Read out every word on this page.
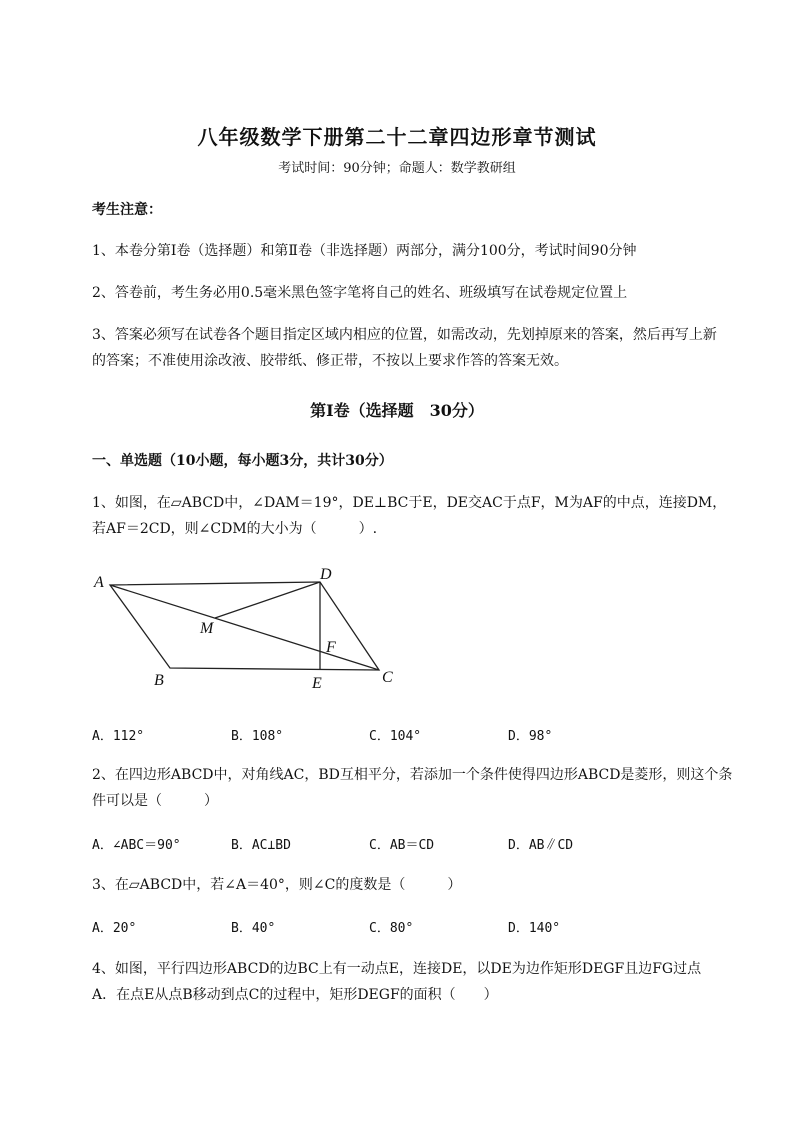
八年级数学下册第二十二章四边形章节测试
考试时间：90分钟；命题人：数学教研组
考生注意：
1、本卷分第I卷（选择题）和第Ⅱ卷（非选择题）两部分，满分100分，考试时间90分钟
2、答卷前，考生务必用0.5毫米黑色签字笔将自己的姓名、班级填写在试卷规定位置上
3、答案必须写在试卷各个题目指定区域内相应的位置，如需改动，先划掉原来的答案，然后再写上新
的答案；不准使用涂改液、胶带纸、修正带，不按以上要求作答的答案无效。
第I卷（选择题　30分）
一、单选题（10小题，每小题3分，共计30分）
1、如图，在▱ABCD中，∠DAM＝19°，DE⊥BC于E，DE交AC于点F，M为AF的中点，连接DM，
若AF＝2CD，则∠CDM的大小为（　　　）.
A	D
M
F
B	E	C
A．112°	B．108°	C．104°	D．98°
2、在四边形ABCD中，对角线AC，BD互相平分，若添加一个条件使得四边形ABCD是菱形，则这个条
件可以是（　　　）
A．∠ABC＝90°	B．AC⊥BD	C．AB＝CD	D．AB∥CD
3、在▱ABCD中，若∠A＝40°，则∠C的度数是（　　　）
A．20°	B．40°	C．80°	D．140°
4、如图，平行四边形ABCD的边BC上有一动点E，连接DE，以DE为边作矩形DEGF且边FG过点
A．在点E从点B移动到点C的过程中，矩形DEGF的面积（　　）
